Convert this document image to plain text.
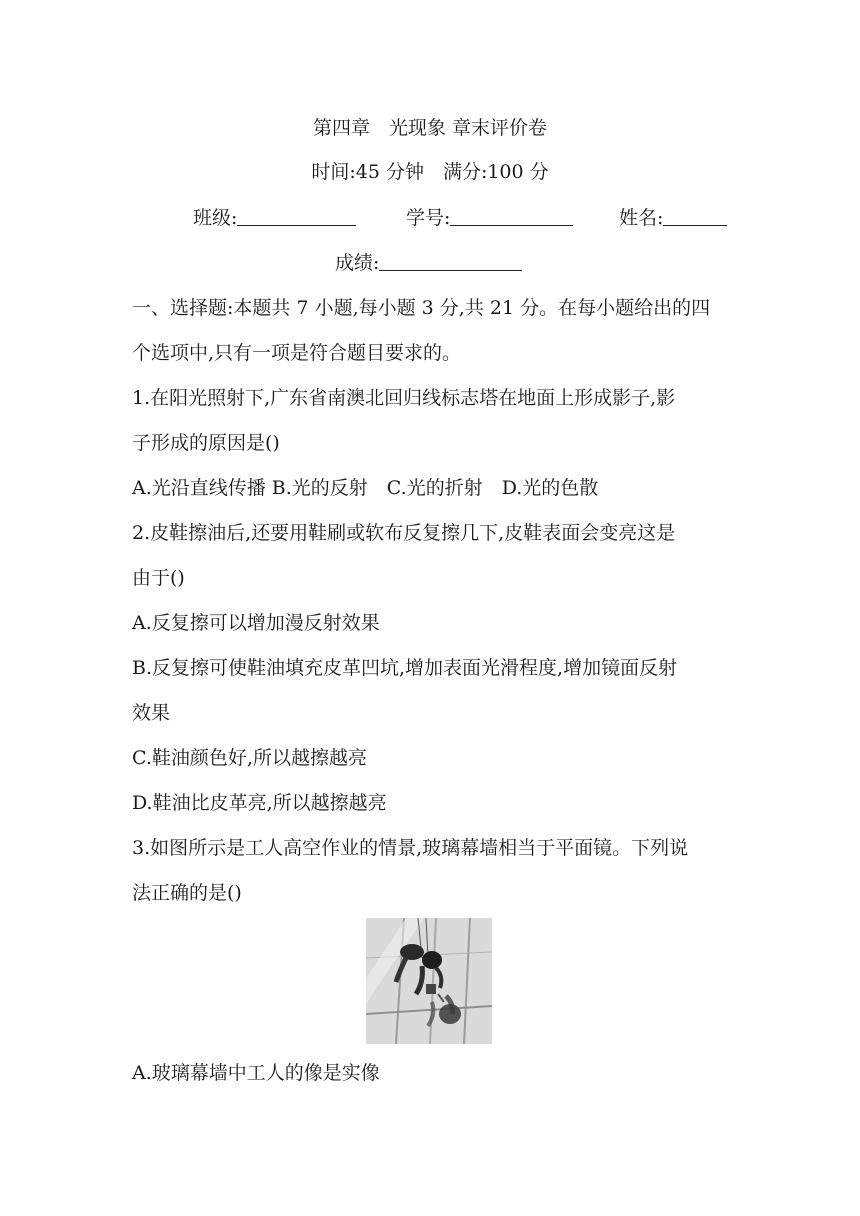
第四章　光现象 章末评价卷
时间:45 分钟　满分:100 分
班级:	学号:	姓名:
成绩:
一、选择题:本题共 7 小题,每小题 3 分,共 21 分。在每小题给出的四
个选项中,只有一项是符合题目要求的。
1.在阳光照射下,广东省南澳北回归线标志塔在地面上形成影子,影
子形成的原因是()
A.光沿直线传播 B.光的反射　C.光的折射　D.光的色散
2.皮鞋擦油后,还要用鞋刷或软布反复擦几下,皮鞋表面会变亮这是
由于()
A.反复擦可以增加漫反射效果
B.反复擦可使鞋油填充皮革凹坑,增加表面光滑程度,增加镜面反射
效果
C.鞋油颜色好,所以越擦越亮
D.鞋油比皮革亮,所以越擦越亮
3.如图所示是工人高空作业的情景,玻璃幕墙相当于平面镜。下列说
法正确的是()
A.玻璃幕墙中工人的像是实像
